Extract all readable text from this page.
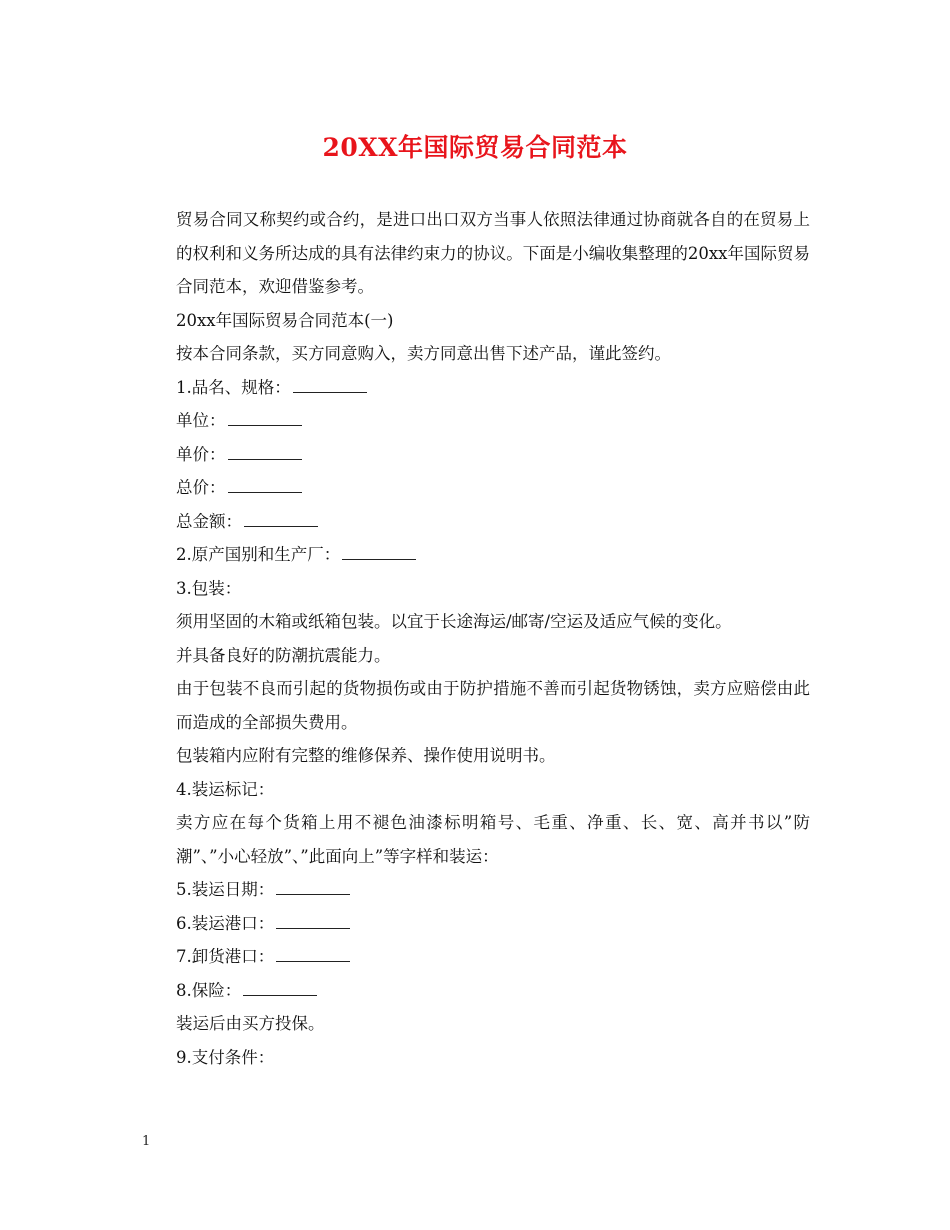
20XX年国际贸易合同范本

贸易合同又称契约或合约，是进口出口双方当事人依照法律通过协商就各自的在贸易上的权利和义务所达成的具有法律约束力的协议。下面是小编收集整理的20xx年国际贸易合同范本，欢迎借鉴参考。

20xx年国际贸易合同范本(一)

按本合同条款，买方同意购入，卖方同意出售下述产品，谨此签约。

1.品名、规格：

单位：

单价：

总价：

总金额：

2.原产国别和生产厂：

3.包装：

须用坚固的木箱或纸箱包装。以宜于长途海运/邮寄/空运及适应气候的变化。

并具备良好的防潮抗震能力。

由于包装不良而引起的货物损伤或由于防护措施不善而引起货物锈蚀，卖方应赔偿由此而造成的全部损失费用。

包装箱内应附有完整的维修保养、操作使用说明书。

4.装运标记：

卖方应在每个货箱上用不褪色油漆标明箱号、毛重、净重、长、宽、高并书以”防潮”、”小心轻放”、”此面向上”等字样和装运：

5.装运日期：

6.装运港口：

7.卸货港口：

8.保险：

装运后由买方投保。

9.支付条件：

1
